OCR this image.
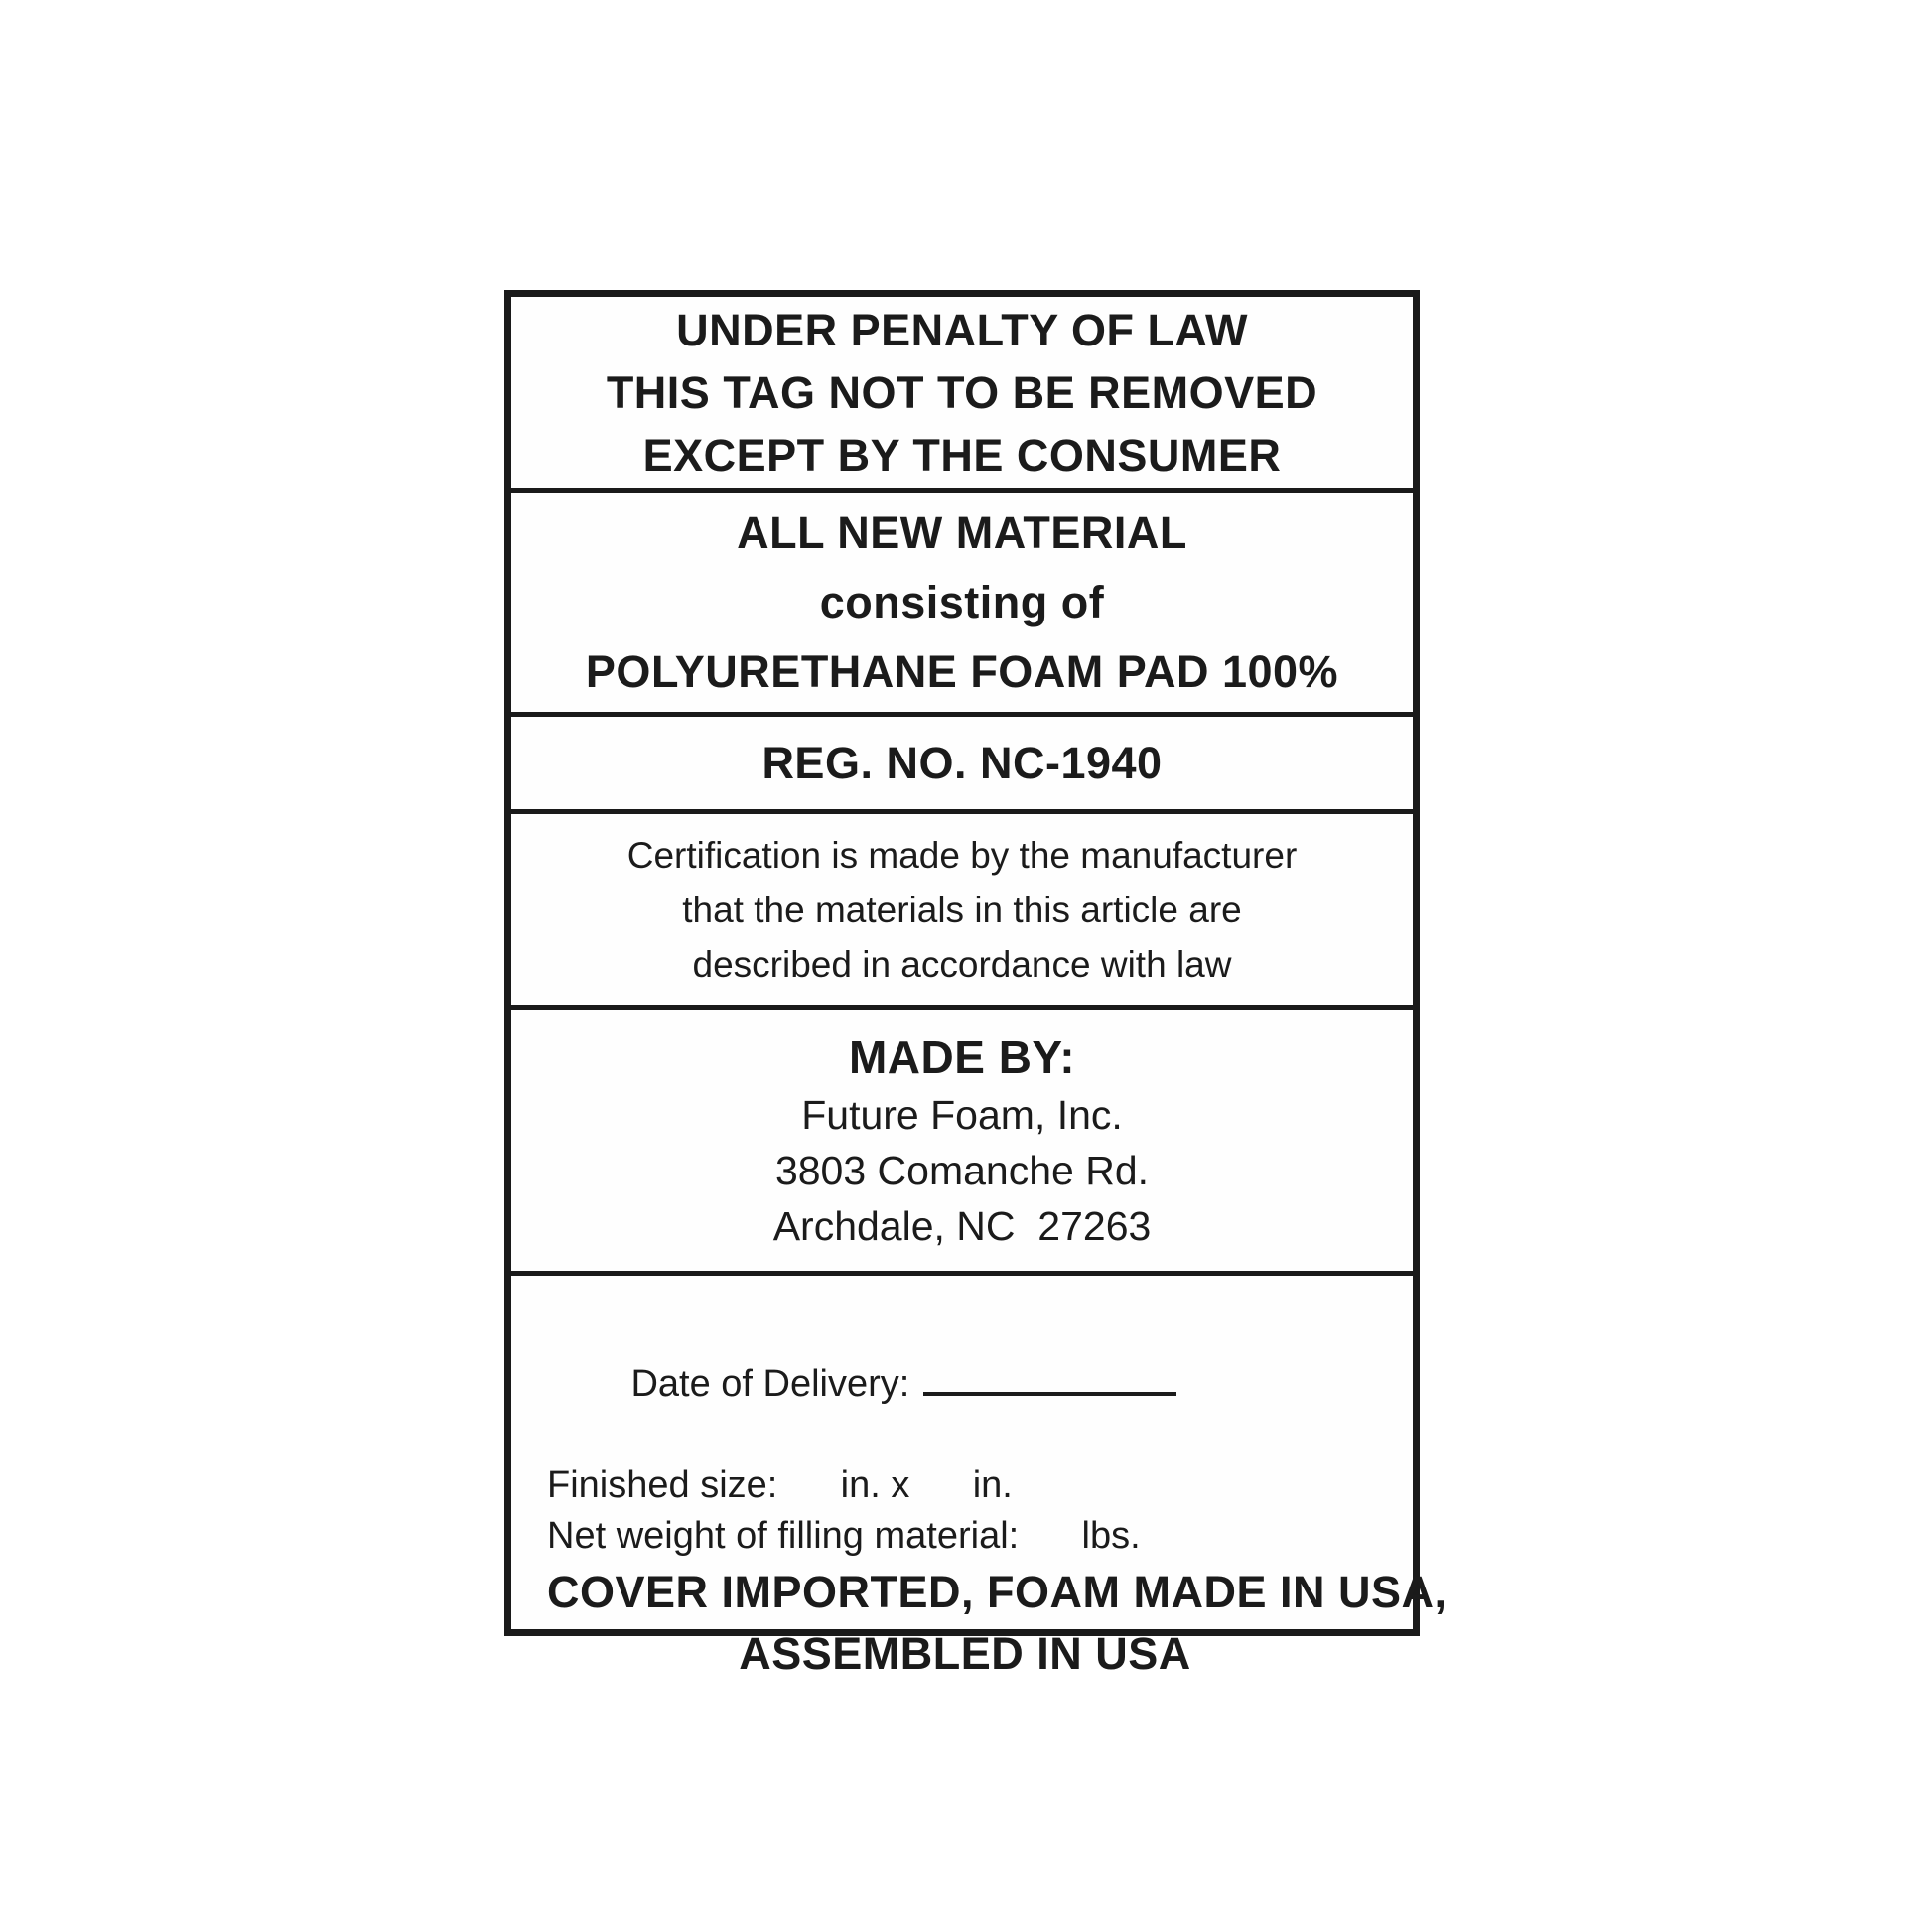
UNDER PENALTY OF LAW
THIS TAG NOT TO BE REMOVED
EXCEPT BY THE CONSUMER
ALL NEW MATERIAL
consisting of
POLYURETHANE FOAM PAD 100%
REG. NO. NC-1940
Certification is made by the manufacturer
that the materials in this article are
described in accordance with law
MADE BY:
Future Foam, Inc.
3803 Comanche Rd.
Archdale, NC  27263

Date of Delivery:

Finished size:      in. x      in.
Net weight of filling material:      lbs.
COVER IMPORTED, FOAM MADE IN USA,
ASSEMBLED IN USA
